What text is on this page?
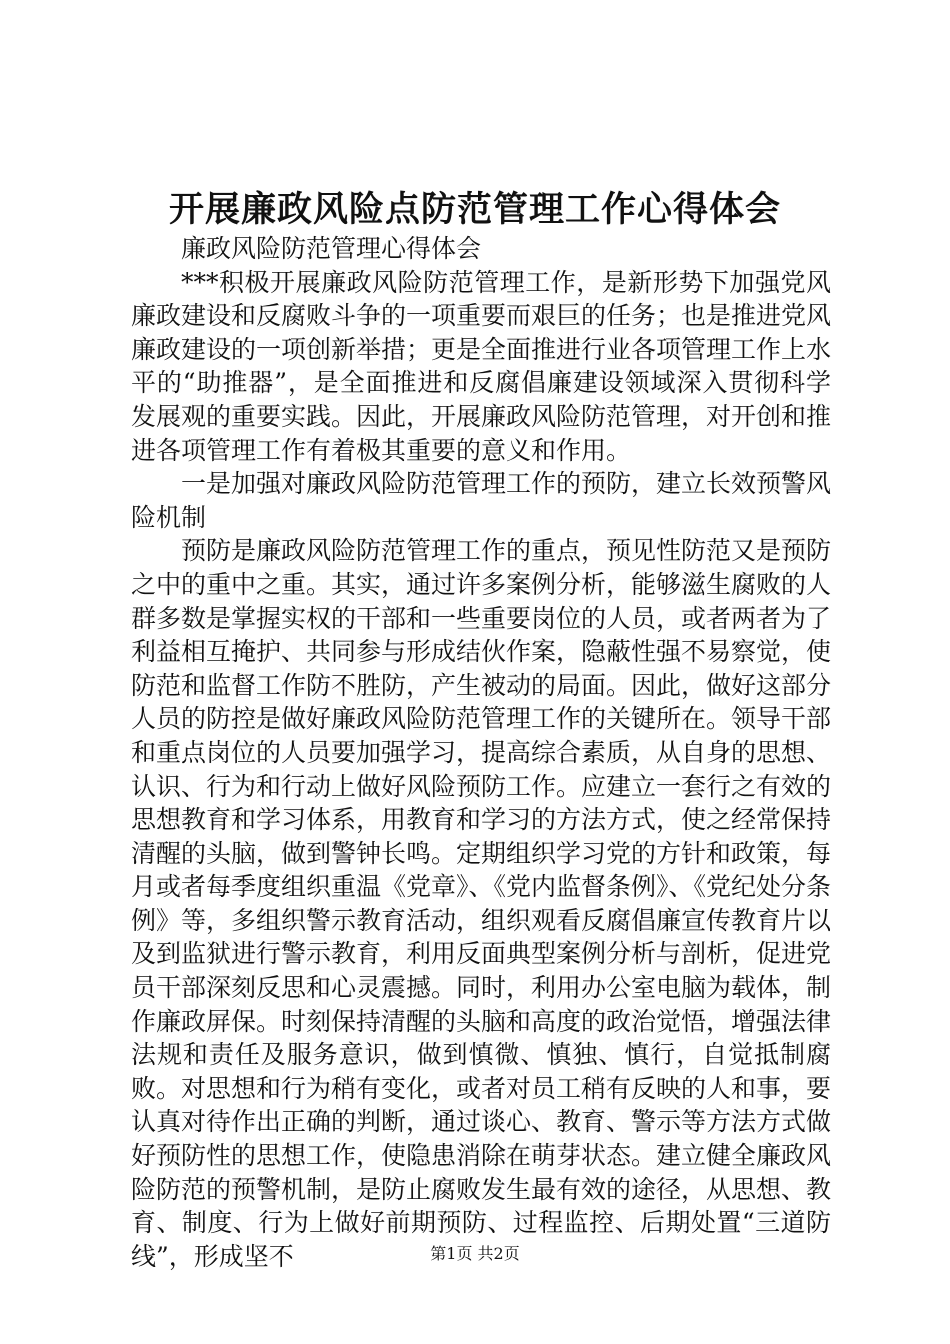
开展廉政风险点防范管理工作心得体会

廉政风险防范管理心得体会

***积极开展廉政风险防范管理工作，是新形势下加强党风廉政建设和反腐败斗争的一项重要而艰巨的任务；也是推进党风廉政建设的一项创新举措；更是全面推进行业各项管理工作上水平的“助推器”，是全面推进和反腐倡廉建设领域深入贯彻科学发展观的重要实践。因此，开展廉政风险防范管理，对开创和推进各项管理工作有着极其重要的意义和作用。

一是加强对廉政风险防范管理工作的预防，建立长效预警风险机制

预防是廉政风险防范管理工作的重点，预见性防范又是预防之中的重中之重。其实，通过许多案例分析，能够滋生腐败的人群多数是掌握实权的干部和一些重要岗位的人员，或者两者为了利益相互掩护、共同参与形成结伙作案，隐蔽性强不易察觉，使防范和监督工作防不胜防，产生被动的局面。因此，做好这部分人员的防控是做好廉政风险防范管理工作的关键所在。领导干部和重点岗位的人员要加强学习，提高综合素质，从自身的思想、认识、行为和行动上做好风险预防工作。应建立一套行之有效的思想教育和学习体系，用教育和学习的方法方式，使之经常保持清醒的头脑，做到警钟长鸣。定期组织学习党的方针和政策，每月或者每季度组织重温《党章》、《党内监督条例》、《党纪处分条例》等，多组织警示教育活动，组织观看反腐倡廉宣传教育片以及到监狱进行警示教育，利用反面典型案例分析与剖析，促进党员干部深刻反思和心灵震撼。同时，利用办公室电脑为载体，制作廉政屏保。时刻保持清醒的头脑和高度的政治觉悟，增强法律法规和责任及服务意识，做到慎微、慎独、慎行，自觉抵制腐败。对思想和行为稍有变化，或者对员工稍有反映的人和事，要认真对待作出正确的判断，通过谈心、教育、警示等方法方式做好预防性的思想工作，使隐患消除在萌芽状态。建立健全廉政风险防范的预警机制，是防止腐败发生最有效的途径，从思想、教育、制度、行为上做好前期预防、过程监控、后期处置“三道防线”，形成坚不	第1页 共2页
